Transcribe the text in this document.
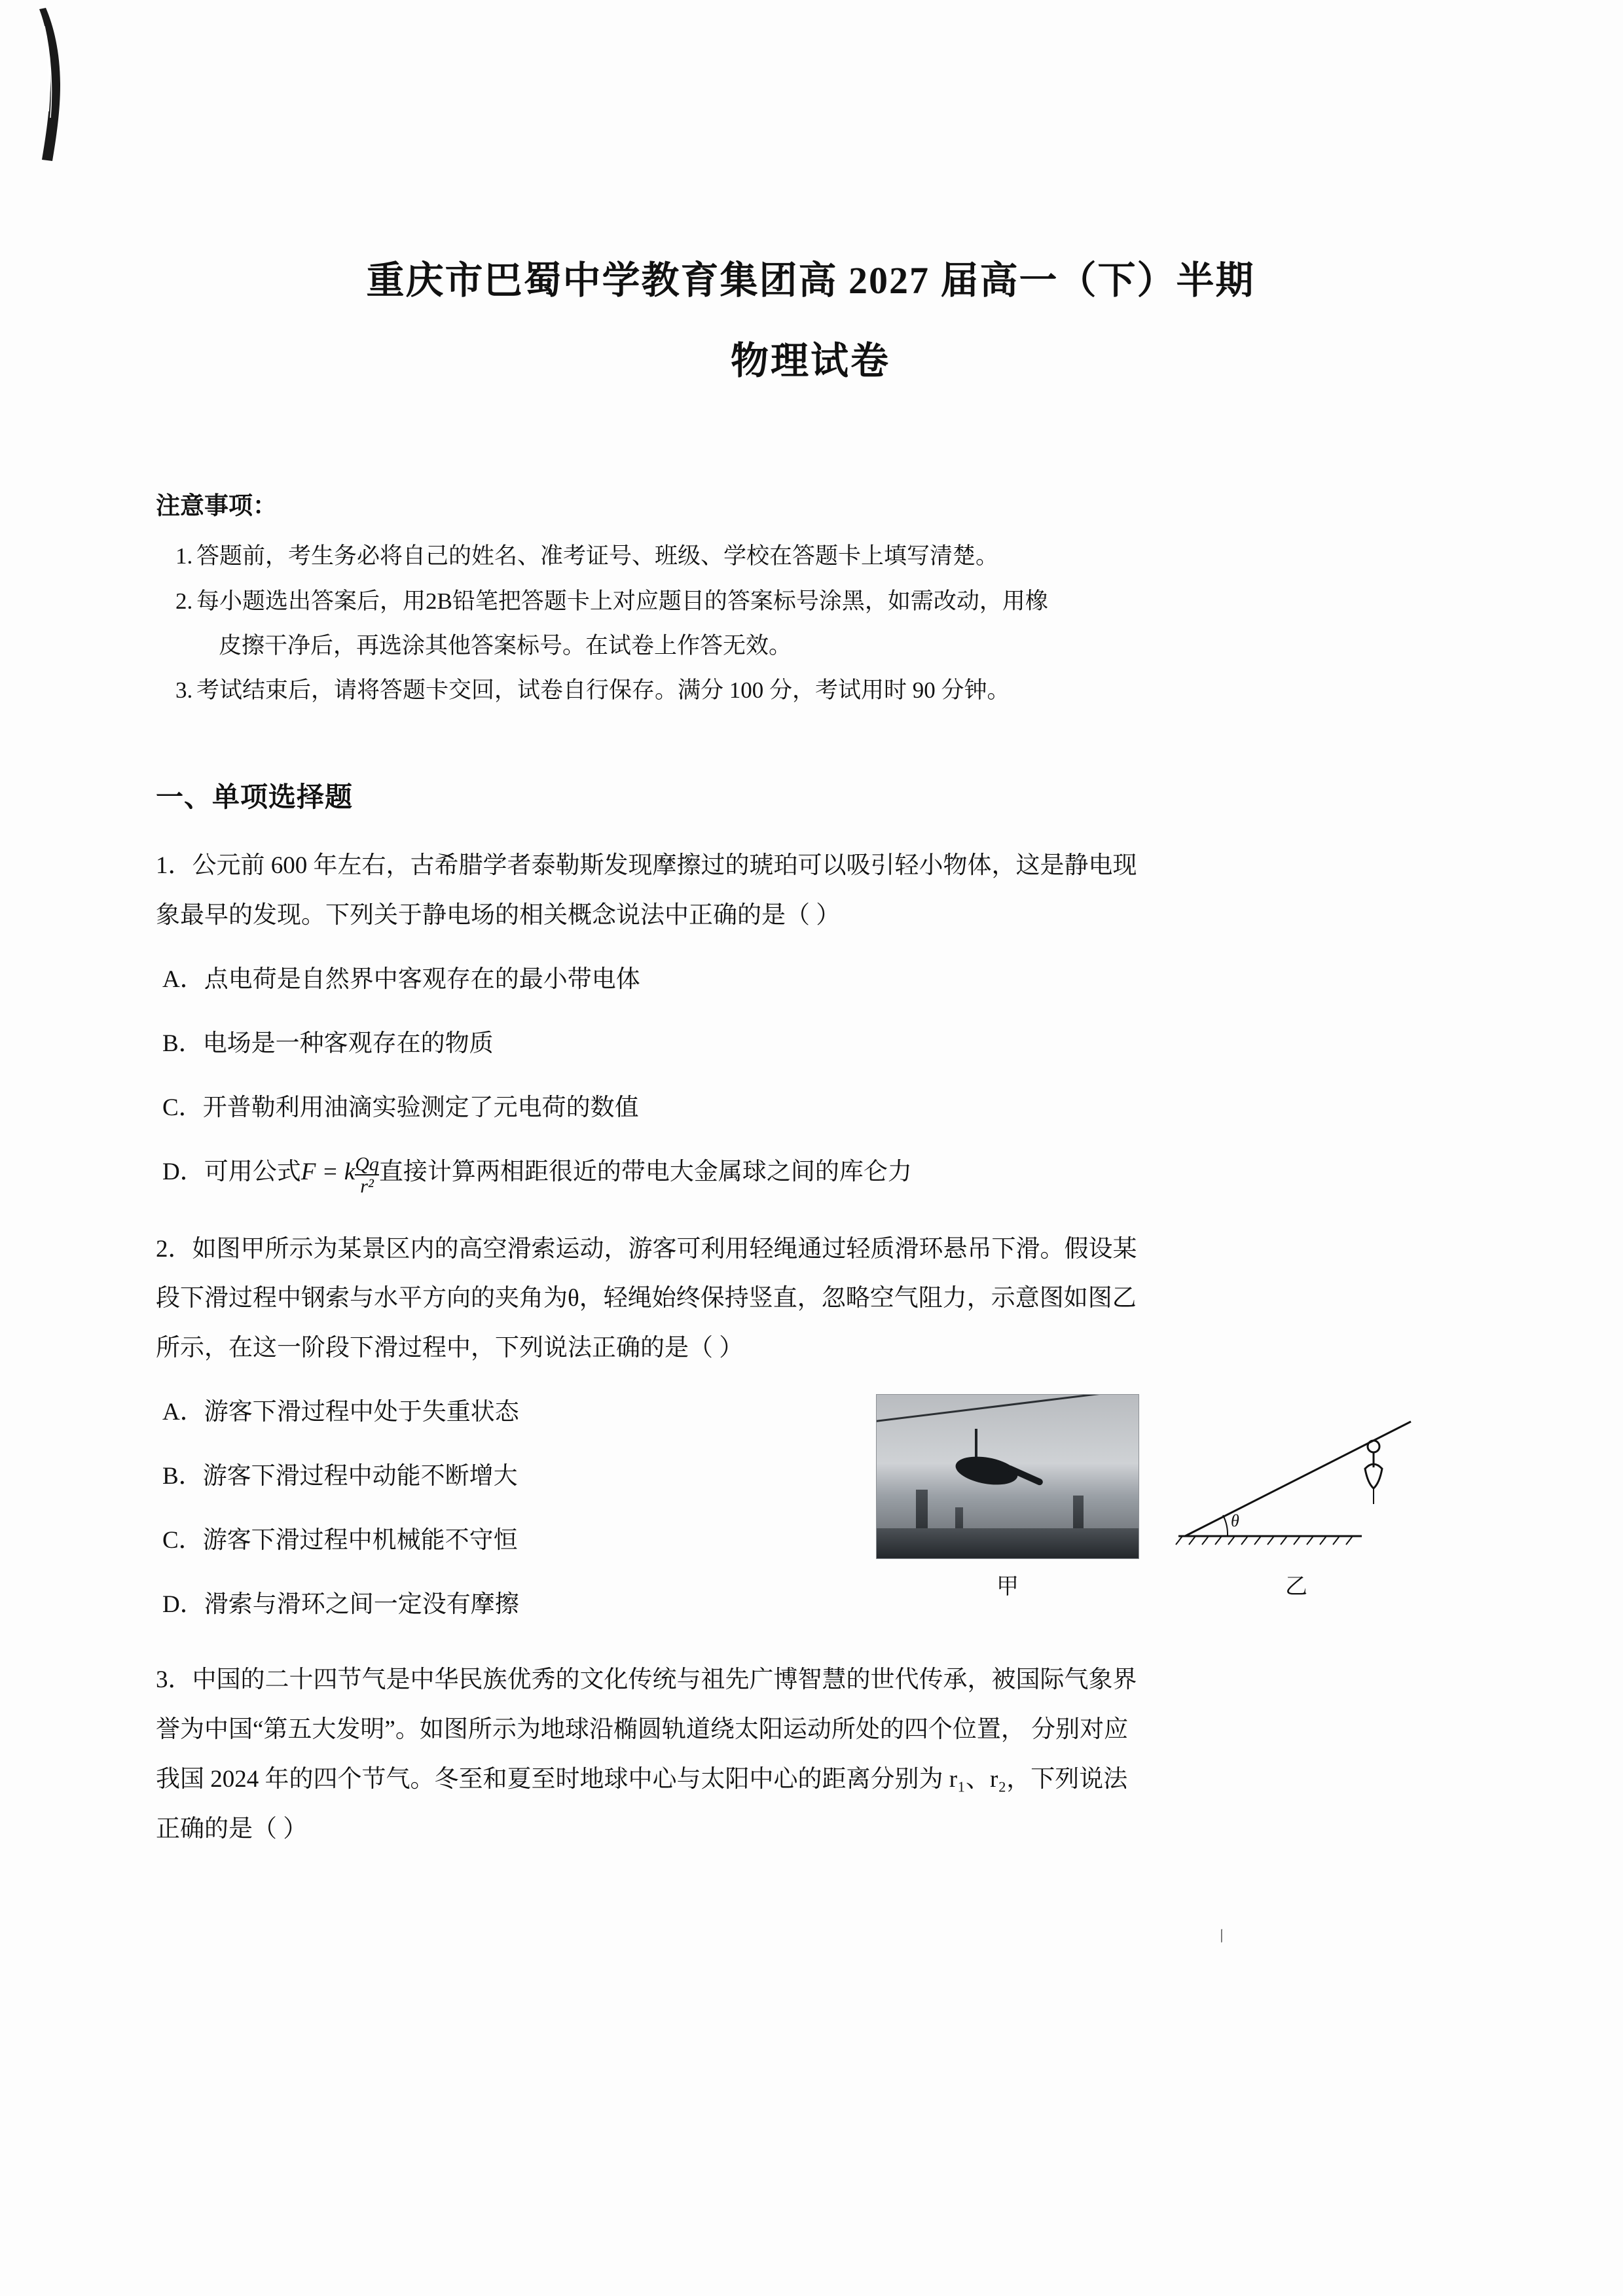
重庆市巴蜀中学教育集团高 2027 届高一（下）半期
物理试卷
注意事项：
1. 答题前，考生务必将自己的姓名、准考证号、班级、学校在答题卡上填写清楚。
2. 每小题选出答案后，用2B铅笔把答题卡上对应题目的答案标号涂黑，如需改动，用橡
皮擦干净后，再选涂其他答案标号。在试卷上作答无效。
3. 考试结束后，请将答题卡交回，试卷自行保存。满分 100 分，考试用时 90 分钟。
一、单项选择题
1．公元前 600 年左右，古希腊学者泰勒斯发现摩擦过的琥珀可以吸引轻小物体，这是静电现
象最早的发现。下列关于静电场的相关概念说法中正确的是（ ）
A．点电荷是自然界中客观存在的最小带电体
B．电场是一种客观存在的物质
C．开普勒利用油滴实验测定了元电荷的数值
D．可用公式F = k $\frac{Qq}{\text{r²}}$ 直接计算两相距很近的带电大金属球之间的库仑力
2．如图甲所示为某景区内的高空滑索运动，游客可利用轻绳通过轻质滑环悬吊下滑。假设某
段下滑过程中钢索与水平方向的夹角为θ，轻绳始终保持竖直，忽略空气阻力，示意图如图乙
所示，在这一阶段下滑过程中，下列说法正确的是（ ）
A．游客下滑过程中处于失重状态
B．游客下滑过程中动能不断增大
C．游客下滑过程中机械能不守恒
D．滑索与滑环之间一定没有摩擦
甲
θ
乙
3．中国的二十四节气是中华民族优秀的文化传统与祖先广博智慧的世代传承，被国际气象界
誉为中国“第五大发明”。如图所示为地球沿椭圆轨道绕太阳运动所处的四个位置， 分别对应
我国 2024 年的四个节气。冬至和夏至时地球中心与太阳中心的距离分别为 r₁、r₂，下列说法
正确的是（ ）
丨
